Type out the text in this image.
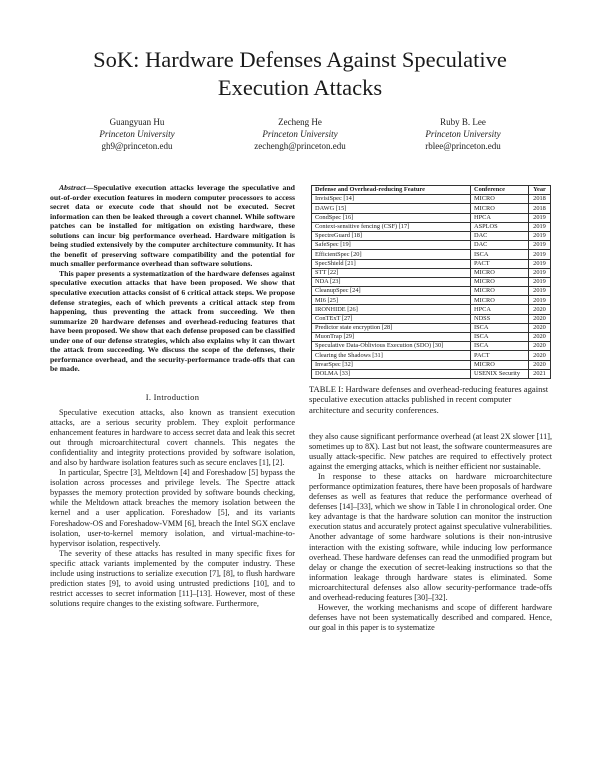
SoK: Hardware Defenses Against Speculative Execution Attacks
Guangyuan Hu
Princeton University
gh9@princeton.edu
Zecheng He
Princeton University
zechengh@princeton.edu
Ruby B. Lee
Princeton University
rblee@princeton.edu

Abstract—Speculative execution attacks leverage the speculative and out-of-order execution features in modern computer processors to access secret data or execute code that should not be executed. Secret information can then be leaked through a covert channel. While software patches can be installed for mitigation on existing hardware, these solutions can incur big performance overhead. Hardware mitigation is being studied extensively by the computer architecture community. It has the benefit of preserving software compatibility and the potential for much smaller performance overhead than software solutions.

This paper presents a systematization of the hardware defenses against speculative execution attacks that have been proposed. We show that speculative execution attacks consist of 6 critical attack steps. We propose defense strategies, each of which prevents a critical attack step from happening, thus preventing the attack from succeeding. We then summarize 20 hardware defenses and overhead-reducing features that have been proposed. We show that each defense proposed can be classified under one of our defense strategies, which also explains why it can thwart the attack from succeeding. We discuss the scope of the defenses, their performance overhead, and the security-performance trade-offs that can be made.

I. Introduction

Speculative execution attacks, also known as transient execution attacks, are a serious security problem. They exploit performance enhancement features in hardware to access secret data and leak this secret out through microarchitectural covert channels. This negates the confidentiality and integrity protections provided by software isolation, and also by hardware isolation features such as secure enclaves [1], [2].

In particular, Spectre [3], Meltdown [4] and Foreshadow [5] bypass the isolation across processes and privilege levels. The Spectre attack bypasses the memory protection provided by software bounds checking, while the Meltdown attack breaches the memory isolation between the kernel and a user application. Foreshadow [5], and its variants Foreshadow-OS and Foreshadow-VMM [6], breach the Intel SGX enclave isolation, user-to-kernel memory isolation, and virtual-machine-to-hypervisor isolation, respectively.

The severity of these attacks has resulted in many specific fixes for specific attack variants implemented by the computer industry. These include using instructions to serialize execution [7], [8], to flush hardware prediction states [9], to avoid using untrusted predictions [10], and to restrict accesses to secret information [11]–[13]. However, most of these solutions require changes to the existing software. Furthermore,

Defense and Overhead-reducing Feature	Conference	Year
InvisiSpec [14]	MICRO	2018
DAWG [15]	MICRO	2018
CondSpec [16]	HPCA	2019
Context-sensitive fencing (CSF) [17]	ASPLOS	2019
SpectreGuard [18]	DAC	2019
SafeSpec [19]	DAC	2019
EfficientSpec [20]	ISCA	2019
SpecShield [21]	PACT	2019
STT [22]	MICRO	2019
NDA [23]	MICRO	2019
CleanupSpec [24]	MICRO	2019
MI6 [25]	MICRO	2019
IRONHIDE [26]	HPCA	2020
ConTExT [27]	NDSS	2020
Predictor state encryption [28]	ISCA	2020
MuonTrap [29]	ISCA	2020
Speculative Data-Oblivious Execution (SDO) [30]	ISCA	2020
Clearing the Shadows [31]	PACT	2020
InvarSpec [32]	MICRO	2020
DOLMA [33]	USENIX Security	2021
TABLE I: Hardware defenses and overhead-reducing features against speculative execution attacks published in recent computer architecture and security conferences.

they also cause significant performance overhead (at least 2X slower [11], sometimes up to 8X). Last but not least, the software countermeasures are usually attack-specific. New patches are required to effectively protect against the emerging attacks, which is neither efficient nor sustainable.

In response to these attacks on hardware microarchitecture performance optimization features, there have been proposals of hardware defenses as well as features that reduce the performance overhead of defenses [14]–[33], which we show in Table I in chronological order. One key advantage is that the hardware solution can monitor the instruction execution status and accurately protect against speculative vulnerabilities. Another advantage of some hardware solutions is their non-intrusive interaction with the existing software, while inducing low performance overhead. These hardware defenses can read the unmodified program but delay or change the execution of secret-leaking instructions so that the information leakage through hardware states is eliminated. Some microarchitectural defenses also allow security-performance trade-offs and overhead-reducing features [30]–[32].

However, the working mechanisms and scope of different hardware defenses have not been systematically described and compared. Hence, our goal in this paper is to systematize
